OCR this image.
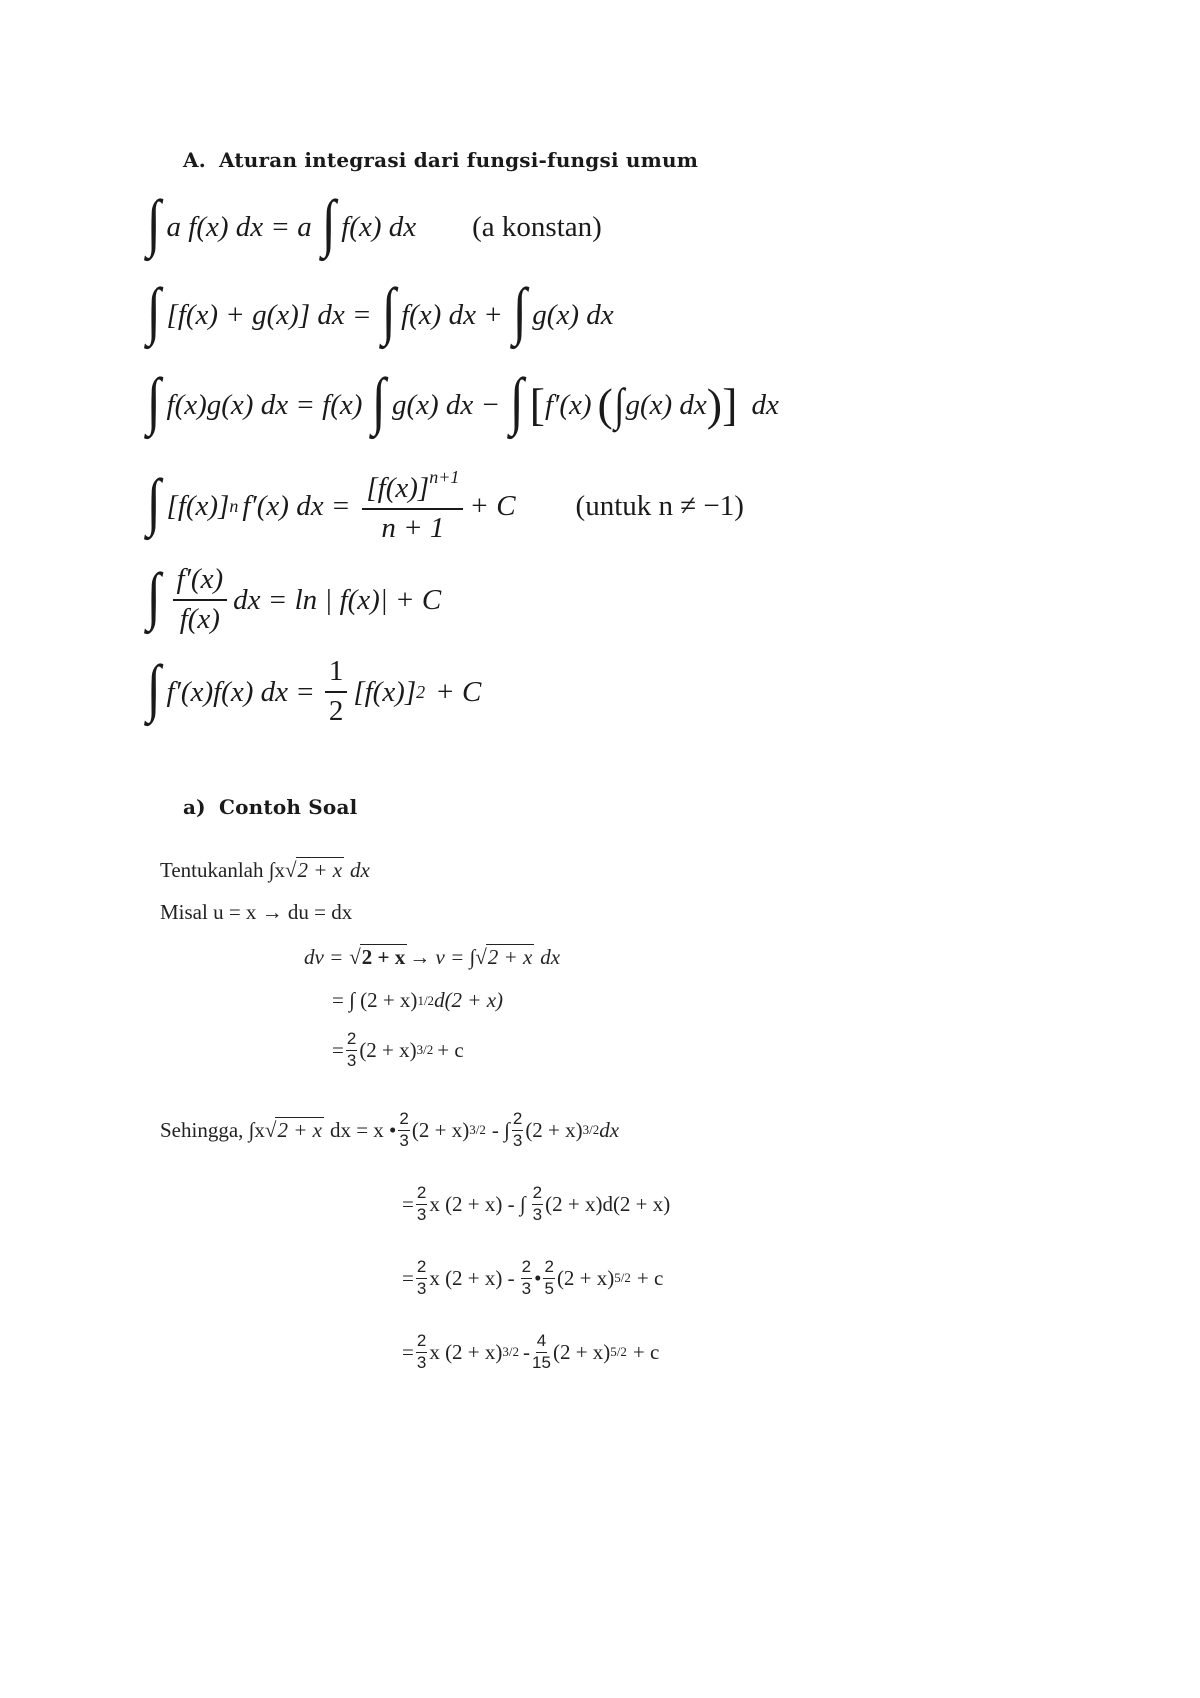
A. Aturan integrasi dari fungsi-fungsi umum
∫ a f(x) dx = a ∫ f(x) dx (a konstan)
∫ [f(x) + g(x)] dx = ∫ f(x) dx + ∫ g(x) dx
∫ f(x)g(x) dx = f(x) ∫ g(x) dx − ∫ [ f′(x) ( ∫ g(x) dx ) ] dx
∫ [f(x)] n f′(x) dx = $\frac{[f(x)]^{n+1}}{n + 1} + C$ (untuk n ≠ −1)
∫ $\frac{f'(x)}{f(x)}$ dx = ln | f(x)| + C
∫ f′(x)f(x) dx = $\frac{1}{2} [f(x)] 2 + C$
a) Contoh Soal
Tentukanlah ∫x √ 2 + x dx
Misal u = x → du = dx
dv = √ 2 + x → v = ∫ √ 2 + x dx
= ∫ (2 + x) 1/2 d(2 + x)
= $\frac{2}{3} (2 + x) 3/2 + c$
Sehingga, ∫x √ 2 + x dx = x • $\frac{2}{3} (2 + x)$ 3/2 - ∫ $\frac{2}{3} (2 + x)$ 3/2 dx
= $\frac{2}{3}$ x (2 + x) - ∫ $\frac{2}{3} (2 + x)d(2 + x)$
= $\frac{2}{3}$ x $(2 + x) - \frac{2}{3}$ • $\frac{2}{5} (2 + x) 5/2 + c$
= $\frac{2}{3}$ x (2 + x) $3/2 - \frac{4}{15} (2 + x) 5/2 + c$
